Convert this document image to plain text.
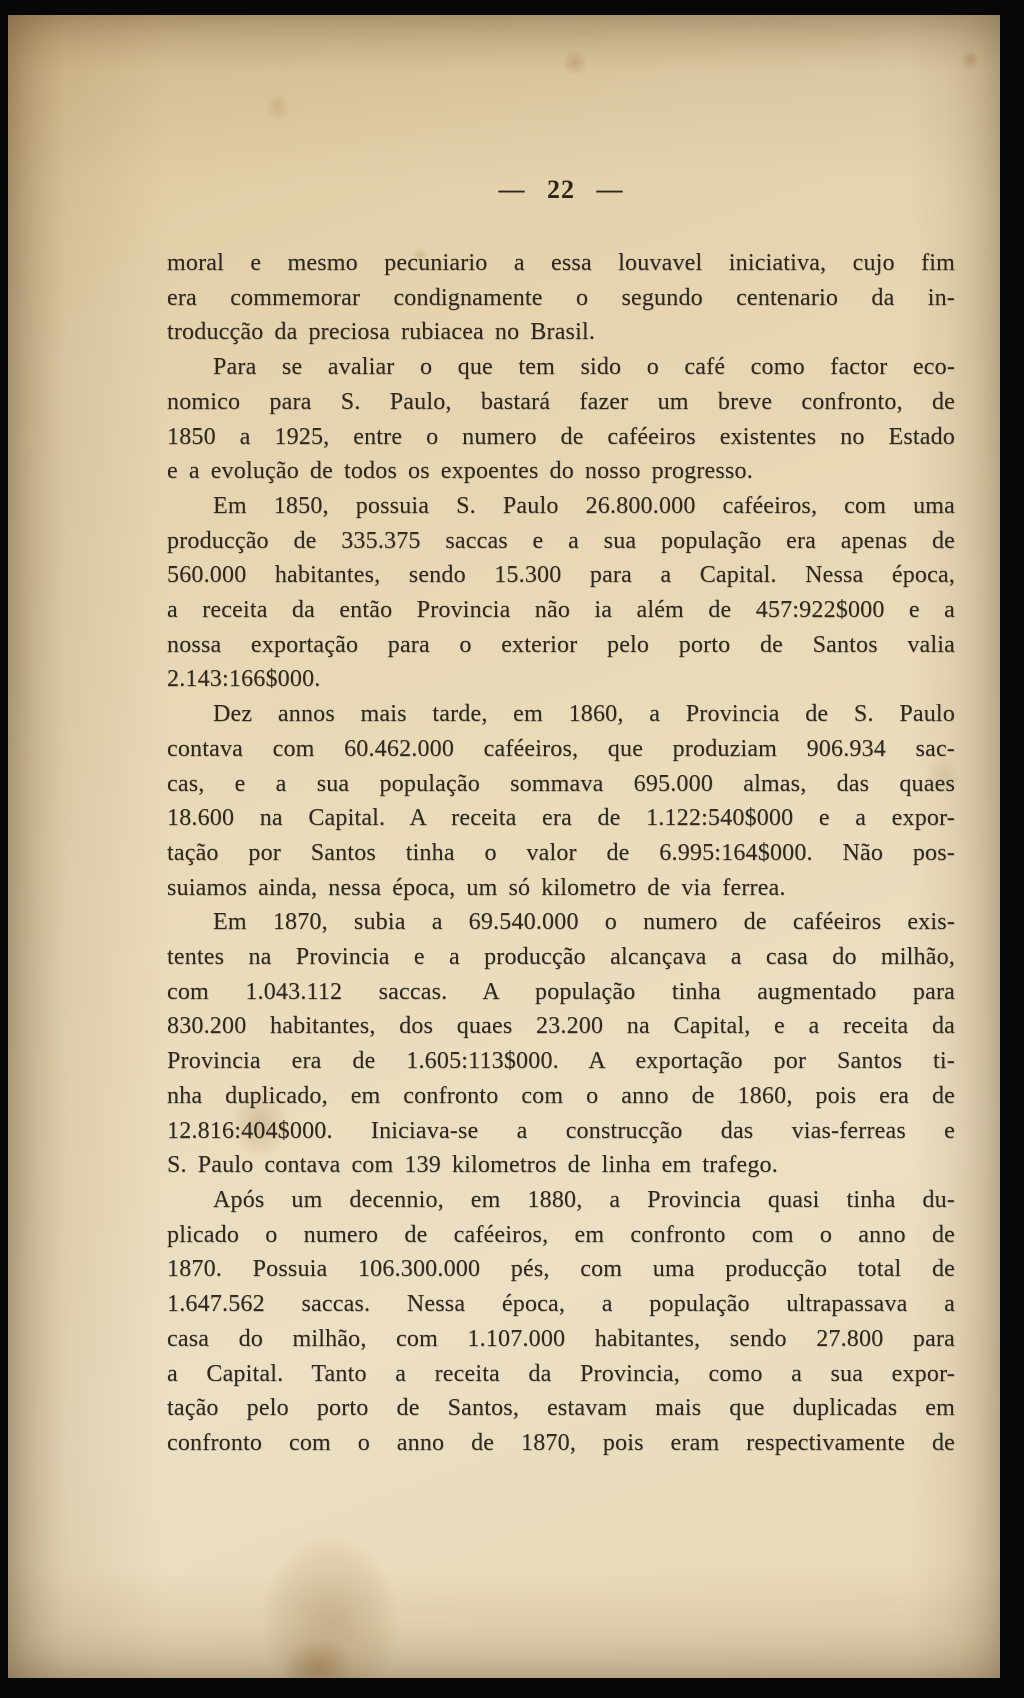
— 22 —
moral e mesmo pecuniario a essa louvavel iniciativa, cujo fim
era commemorar condignamente o segundo centenario da in-
troducção da preciosa rubiacea no Brasil.
Para se avaliar o que tem sido o café como factor eco-
nomico para S. Paulo, bastará fazer um breve confronto, de
1850 a 1925, entre o numero de caféeiros existentes no Estado
e a evolução de todos os expoentes do nosso progresso.
Em 1850, possuia S. Paulo 26.800.000 caféeiros, com uma
producção de 335.375 saccas e a sua população era apenas de
560.000 habitantes, sendo 15.300 para a Capital. Nessa época,
a receita da então Provincia não ia além de 457:922$000 e a
nossa exportação para o exterior pelo porto de Santos valia
2.143:166$000.
Dez annos mais tarde, em 1860, a Provincia de S. Paulo
contava com 60.462.000 caféeiros, que produziam 906.934 sac-
cas, e a sua população sommava 695.000 almas, das quaes
18.600 na Capital. A receita era de 1.122:540$000 e a expor-
tação por Santos tinha o valor de 6.995:164$000. Não pos-
suiamos ainda, nessa época, um só kilometro de via ferrea.
Em 1870, subia a 69.540.000 o numero de caféeiros exis-
tentes na Provincia e a producção alcançava a casa do milhão,
com 1.043.112 saccas. A população tinha augmentado para
830.200 habitantes, dos quaes 23.200 na Capital, e a receita da
Provincia era de 1.605:113$000. A exportação por Santos ti-
nha duplicado, em confronto com o anno de 1860, pois era de
12.816:404$000. Iniciava-se a construcção das vias-ferreas e
S. Paulo contava com 139 kilometros de linha em trafego.
Após um decennio, em 1880, a Provincia quasi tinha du-
plicado o numero de caféeiros, em confronto com o anno de
1870. Possuia 106.300.000 pés, com uma producção total de
1.647.562 saccas. Nessa época, a população ultrapassava a
casa do milhão, com 1.107.000 habitantes, sendo 27.800 para
a Capital. Tanto a receita da Provincia, como a sua expor-
tação pelo porto de Santos, estavam mais que duplicadas em
confronto com o anno de 1870, pois eram respectivamente de
